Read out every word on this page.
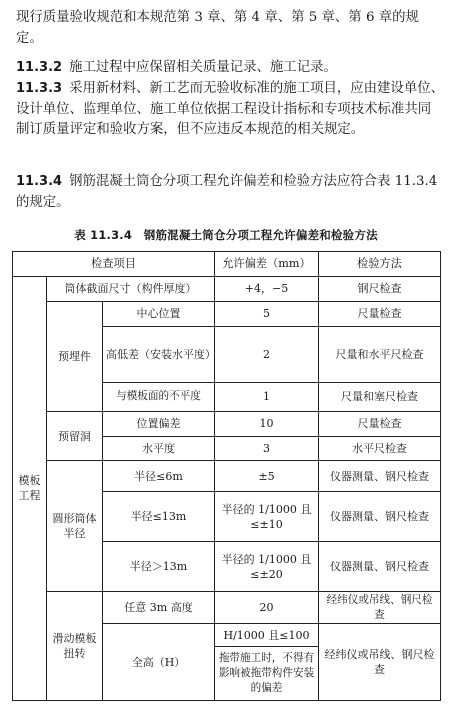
现行质量验收规范和本规范第 3 章、第 4 章、第 5 章、第 6 章的规定。

11.3.2 施工过程中应保留相关质量记录、施工记录。

11.3.3 采用新材料、新工艺而无验收标准的施工项目，应由建设单位、设计单位、监理单位、施工单位依据工程设计指标和专项技术标准共同制订质量评定和验收方案，但不应违反本规范的相关规定。

11.3.4 钢筋混凝土筒仓分项工程允许偏差和检验方法应符合表 11.3.4 的规定。

表 11.3.4　钢筋混凝土筒仓分项工程允许偏差和检验方法
检查项目			允许偏差（mm）	检验方法
模板工程	筒体截面尺寸（构件厚度）		+4，−5	钢尺检查
	预埋件	中心位置	5	尺量检查
		高低差（安装水平度）	2	尺量和水平尺检查
		与模板面的不平度	1	尺量和塞尺检查
	预留洞	位置偏差	10	尺量检查
		水平度	3	水平尺检查
	圆形筒体半径	半径≤6m	±5	仪器测量、钢尺检查
		半径≤13m	半径的 1/1000 且≤±10	仪器测量、钢尺检查
		半径＞13m	半径的 1/1000 且≤±20	仪器测量、钢尺检查
	滑动模板扭转	任意 3m 高度	20	经纬仪或吊线、钢尺检查
		全高（H）	H/1000 且≤100	经纬仪或吊线、钢尺检查
			拖带施工时，不得有影响被拖带构件安装的偏差	
